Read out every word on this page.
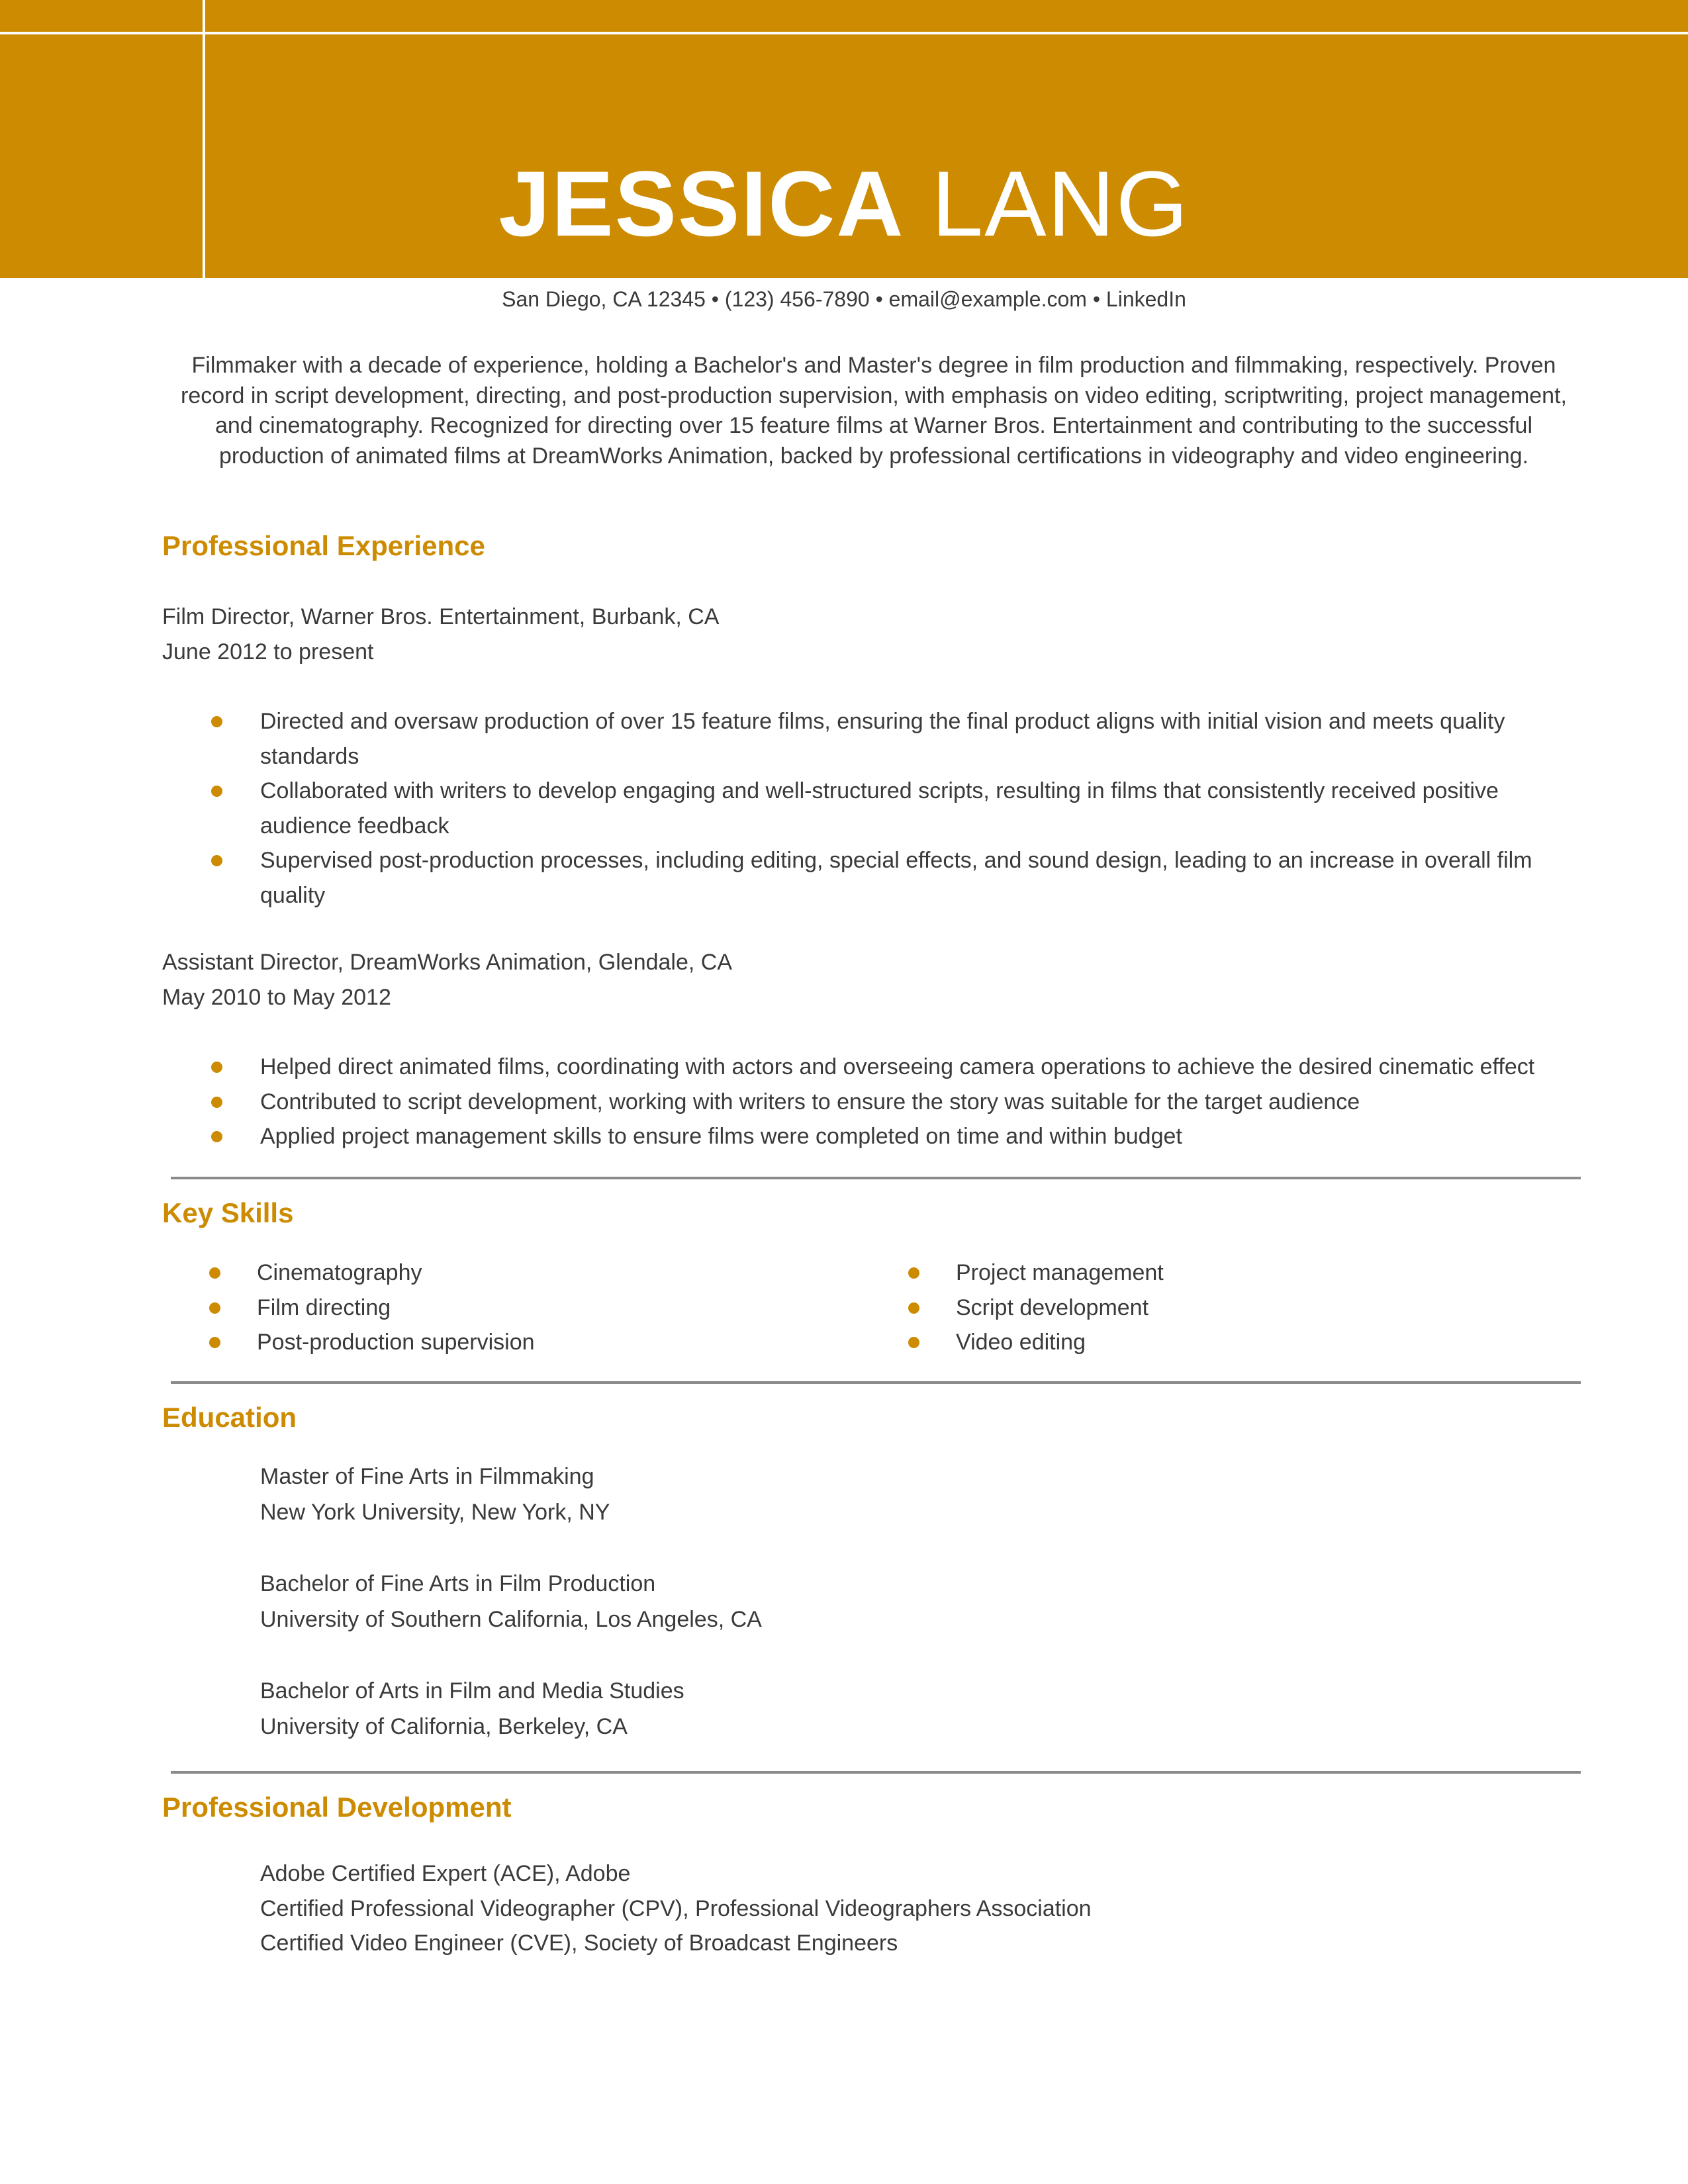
JESSICA LANG
San Diego, CA 12345 • (123) 456-7890 • email@example.com • LinkedIn
Filmmaker with a decade of experience, holding a Bachelor's and Master's degree in film production and filmmaking, respectively. Proven record in script development, directing, and post-production supervision, with emphasis on video editing, scriptwriting, project management, and cinematography. Recognized for directing over 15 feature films at Warner Bros. Entertainment and contributing to the successful production of animated films at DreamWorks Animation, backed by professional certifications in videography and video engineering.
Professional Experience
Film Director, Warner Bros. Entertainment, Burbank, CA
June 2012 to present
Directed and oversaw production of over 15 feature films, ensuring the final product aligns with initial vision and meets quality standards
Collaborated with writers to develop engaging and well-structured scripts, resulting in films that consistently received positive audience feedback
Supervised post-production processes, including editing, special effects, and sound design, leading to an increase in overall film quality
Assistant Director, DreamWorks Animation, Glendale, CA
May 2010 to May 2012
Helped direct animated films, coordinating with actors and overseeing camera operations to achieve the desired cinematic effect
Contributed to script development, working with writers to ensure the story was suitable for the target audience
Applied project management skills to ensure films were completed on time and within budget
Key Skills
Cinematography
Film directing
Post-production supervision
Project management
Script development
Video editing
Education
Master of Fine Arts in Filmmaking
New York University, New York, NY
Bachelor of Fine Arts in Film Production
University of Southern California, Los Angeles, CA
Bachelor of Arts in Film and Media Studies
University of California, Berkeley, CA
Professional Development
Adobe Certified Expert (ACE), Adobe
Certified Professional Videographer (CPV), Professional Videographers Association
Certified Video Engineer (CVE), Society of Broadcast Engineers
